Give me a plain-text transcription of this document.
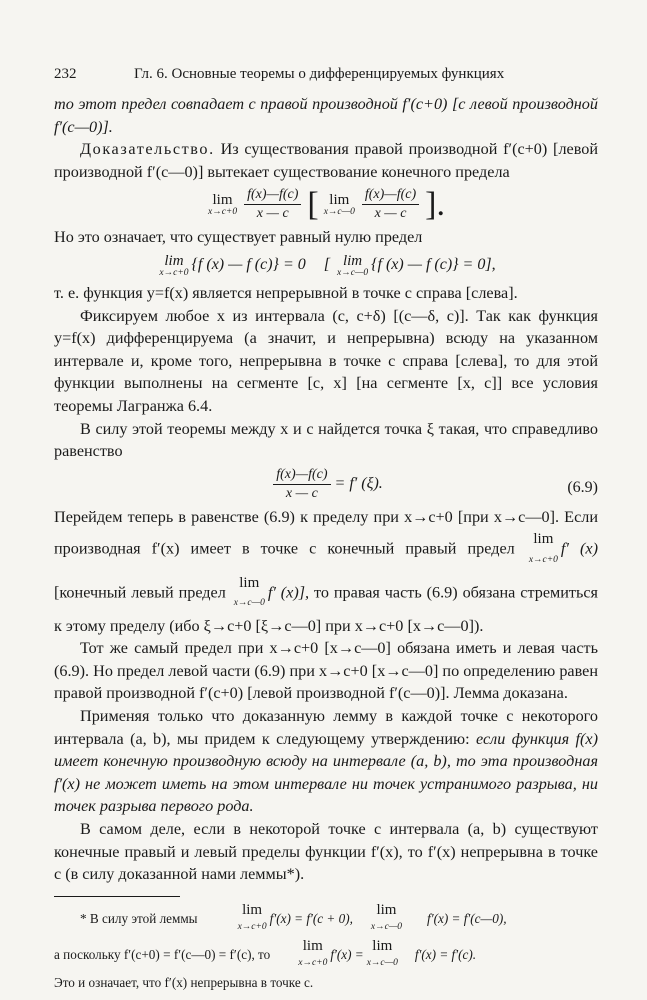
232	Гл. 6. Основные теоремы о дифференцируемых функциях

то этот предел совпадает с правой производной f′(c+0) [с левой производной f′(c—0)].

Доказательство. Из существования правой производной f′(c+0) [левой производной f′(c—0)] вытекает существование конечного предела

lim
$x\to c+0 \frac{f(x)—f(c)}{x — c}$ [ lim
x→c—0 $\frac{f(x)—f(c)}{x — c}$ ].

Но это означает, что существует равный нулю предел

lim
x→c+0 {f (x) — f (c)} = 0 [ lim
x→c—0 {f (x) — f (c)} = 0],

т. е. функция y=f(x) является непрерывной в точке c справа [слева].

Фиксируем любое x из интервала (c, c+δ) [(c—δ, c)]. Так как функция y=f(x) дифференцируема (а значит, и непрерывна) всюду на указанном интервале и, кроме того, непрерывна в точке c справа [слева], то для этой функции выполнены на сегменте [c, x] [на сегменте [x, c]] все условия теоремы Лагранжа 6.4.

В силу этой теоремы между x и c найдется точка ξ такая, что справедливо равенство

$\frac{f(x)—f(c)}{x — c} = f'$ (ξ).	(6.9)

Перейдем теперь в равенстве (6.9) к пределу при x→c+0 [при x→c—0]. Если производная f′(x) имеет в точке c конечный правый предел
lim
x→c+0
f′ (x) [конечный левый предел
lim
x→c—0
f′ (x)], то правая часть (6.9) обязана стремиться к этому пределу (ибо ξ→c+0 [ξ→c—0] при x→c+0 [x→c—0]).

Тот же самый предел при x→c+0 [x→c—0] обязана иметь и левая часть (6.9). Но предел левой части (6.9) при x→c+0 [x→c—0] по определению равен правой производной f′(c+0) [левой производной f′(c—0)]. Лемма доказана.

Применяя только что доказанную лемму в каждой точке c некоторого интервала (a, b), мы придем к следующему утверждению: если функция f(x) имеет конечную производную всюду на интервале (a, b), то эта производная f′(x) не может иметь на этом интервале ни точек устранимого разрыва, ни точек разрыва первого рода.

В самом деле, если в некоторой точке c интервала (a, b) существуют конечные правый и левый пределы функции f′(x), то f′(x) непрерывна в точке c (в силу доказанной нами леммы*).

* В силу этой леммы
lim
x→c+0
f′(x) = f′(c + 0),
lim
x→c—0
f′(x) = f′(c—0),
а поскольку f′(c+0) = f′(c—0) = f′(c), то
lim
x→c+0
f′(x) =
lim
x→c—0
f′(x) = f′(c).
Это и означает, что f′(x) непрерывна в точке c.
